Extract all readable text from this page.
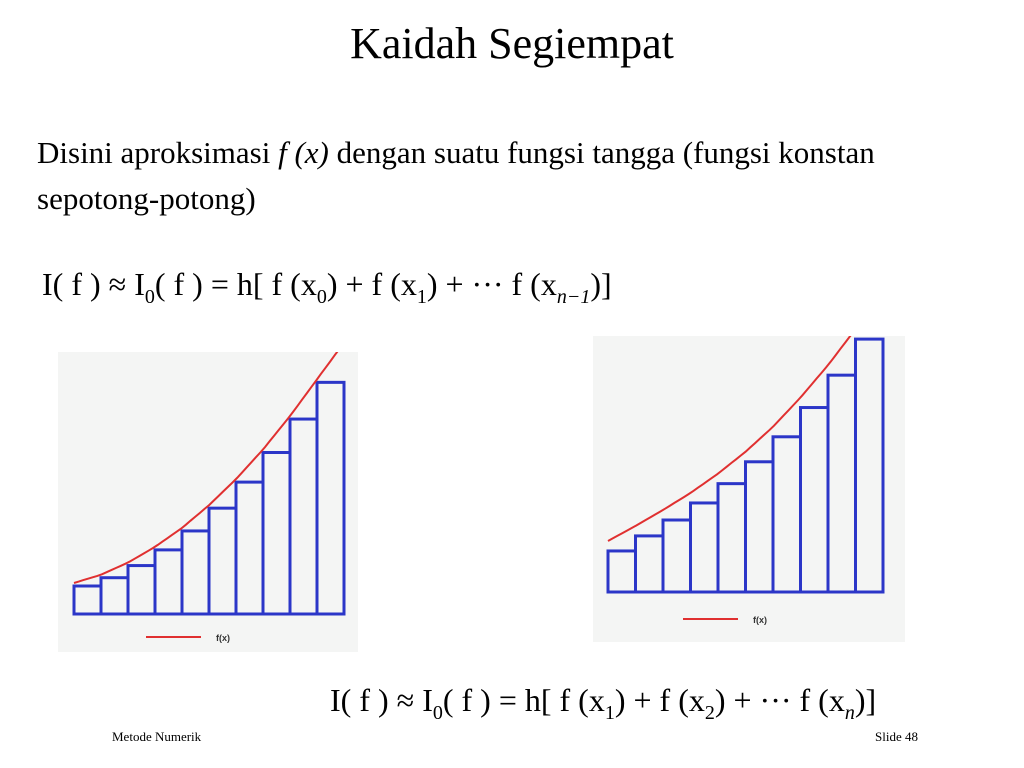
Kaidah Segiempat
Disini aproksimasi f (x) dengan suatu fungsi tangga (fungsi konstan sepotong-potong)
I( f ) ≈ $I_0$( f ) = h[ f $(x_0) + f$ $(x_1)$ + ··· f $(x_{n-1})$]
f(x)
f(x)
I( f ) ≈ $I_0$( f ) = h[ f $(x_1) + f$ $(x_2)$ + ··· f $(x_n)$]
Metode Numerik	Slide 48
